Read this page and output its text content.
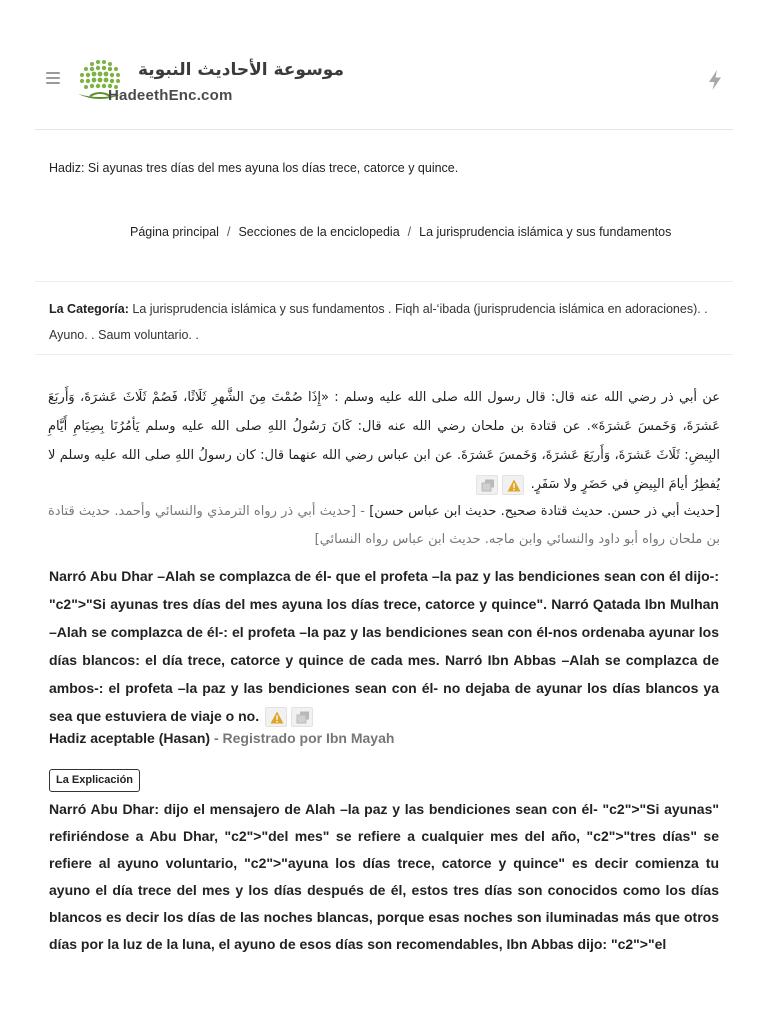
موسوعة الأحاديث النبوية
HadeethEnc.com
Hadiz: Si ayunas tres días del mes ayuna los días trece, catorce y quince.
Página principal / Secciones de la enciclopedia / La jurisprudencia islámica y sus fundamentos
La Categoría: La jurisprudencia islámica y sus fundamentos . Fiqh al-‘ibada (jurisprudencia islámica en adoraciones). . Ayuno. . Saum voluntario. .
عن أبي ذر رضي الله عنه قال: قال رسول الله صلى الله عليه وسلم : «إِذَا صُمْتَ مِنَ الشَّهرِ ثَلَاثًا، فَصُمْ ثَلَاثَ عَشرَةَ، وَأَربَعَ عَشرَةَ، وَخَمسَ عَشرَةَ». عن قتادة بن ملحان رضي الله عنه قال: كَانَ رَسُولُ اللهِ صلى الله عليه وسلم يَأمُرُنَا بِصِيَامِ أَيَّامِ البِيضِ: ثَلَاثَ عَشرَةَ، وَأَربَعَ عَشرَةَ، وَخَمسَ عَشرَةَ. عن ابن عباس رضي الله عنهما قال: كان رسولُ اللهِ صلى الله عليه وسلم لا يُفطِرُ أيامَ البِيضِ في حَضَرٍ ولا سَفَرٍ.
[حديث أبي ذر حسن. حديث قتادة صحيح. حديث ابن عباس حسن] - [حديث أبي ذر رواه الترمذي والنسائي وأحمد. حديث قتادة بن ملحان رواه أبو داود والنسائي وابن ماجه. حديث ابن عباس رواه النسائي]
Narró Abu Dhar –Alah se complazca de él- que el profeta –la paz y las bendiciones sean con él dijo-: "c2">"Si ayunas tres días del mes ayuna los días trece, catorce y quince". Narró Qatada Ibn Mulhan –Alah se complazca de él-: el profeta –la paz y las bendiciones sean con él-nos ordenaba ayunar los días blancos: el día trece, catorce y quince de cada mes. Narró Ibn Abbas –Alah se complazca de ambos-: el profeta –la paz y las bendiciones sean con él- no dejaba de ayunar los días blancos ya sea que estuviera de viaje o no.
Hadiz aceptable (Hasan) - Registrado por Ibn Mayah
La Explicación
Narró Abu Dhar: dijo el mensajero de Alah –la paz y las bendiciones sean con él- "c2">"Si ayunas" refiriéndose a Abu Dhar, "c2">"del mes" se refiere a cualquier mes del año, "c2">"tres días" se refiere al ayuno voluntario, "c2">"ayuna los días trece, catorce y quince" es decir comienza tu ayuno el día trece del mes y los días después de él, estos tres días son conocidos como los días blancos es decir los días de las noches blancas, porque esas noches son iluminadas más que otros días por la luz de la luna, el ayuno de esos días son recomendables, Ibn Abbas dijo: "c2">"el
